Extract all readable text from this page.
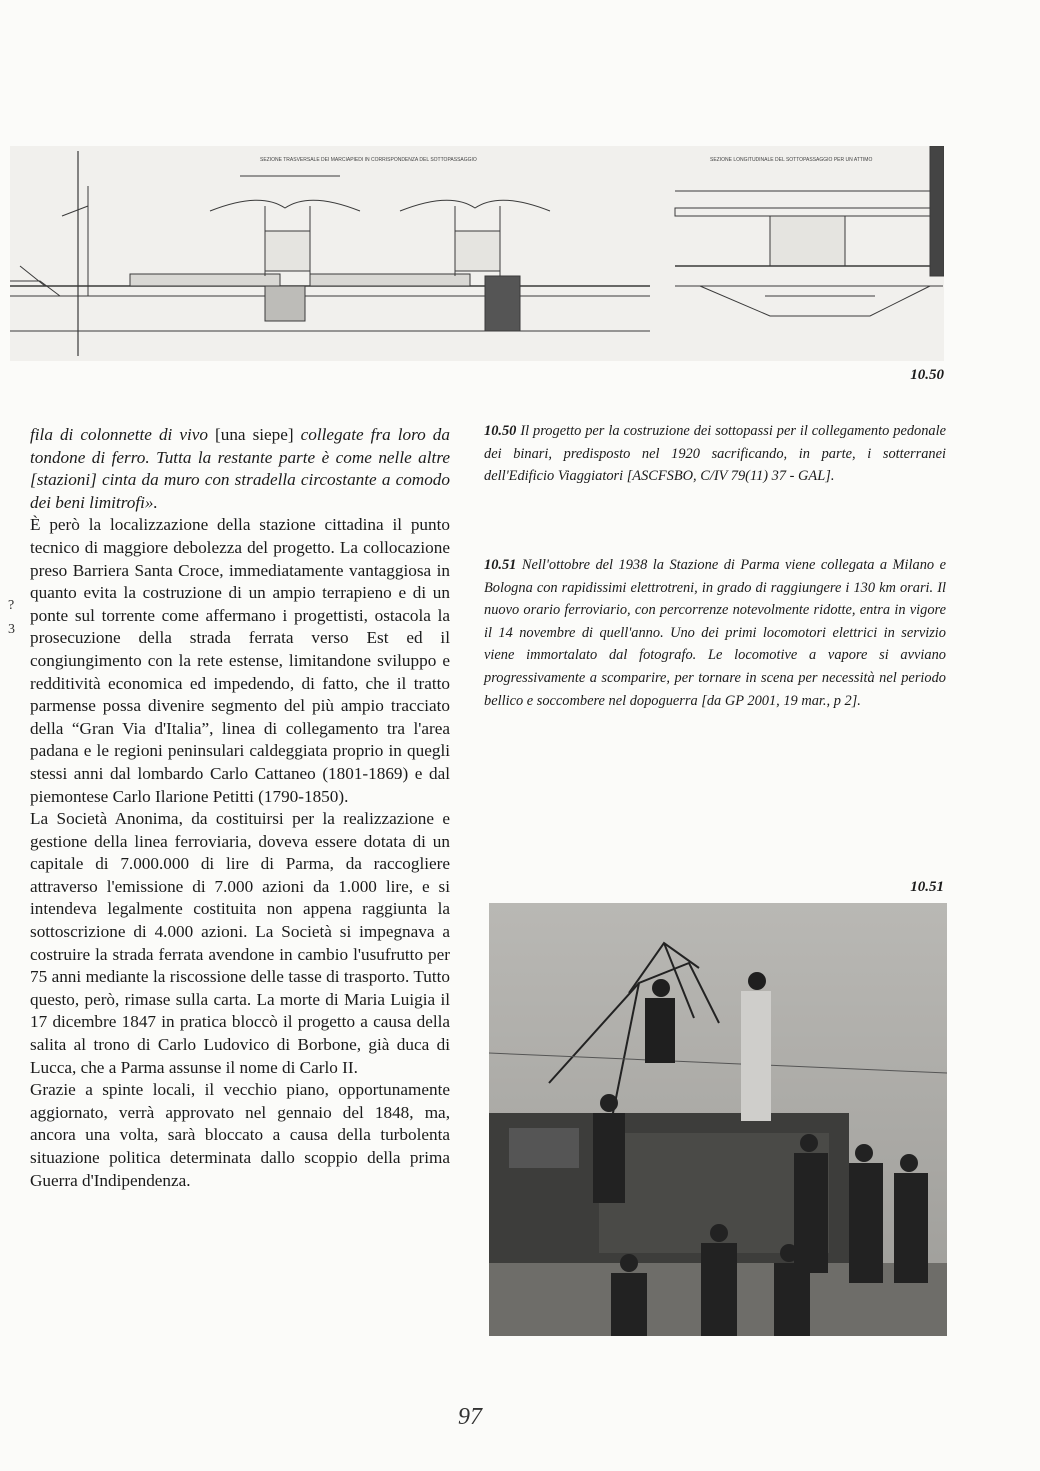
SEZIONE TRASVERSALE DEI MARCIAPIEDI IN CORRISPONDENZA DEL SOTTOPASSAGGIO	SEZIONE LONGITUDINALE DEL SOTTOPASSAGGIO PER UN ATTIMO
10.50

fila di colonnette di vivo [una siepe] collegate fra loro da tondone di ferro. Tutta la restante parte è come nelle altre [stazioni] cinta da muro con stradella circostante a comodo dei beni limitrofi».

È però la localizzazione della stazione cittadina il punto tecnico di maggiore debolezza del progetto. La collocazione preso Barriera Santa Croce, immediatamente vantaggiosa in quanto evita la costruzione di un ampio terrapieno e di un ponte sul torrente come affermano i progettisti, ostacola la prosecuzione della strada ferrata verso Est ed il congiungimento con la rete estense, limitandone sviluppo e redditività economica ed impedendo, di fatto, che il tratto parmense possa divenire segmento del più ampio tracciato della “Gran Via d'Italia”, linea di collegamento tra l'area padana e le regioni peninsulari caldeggiata proprio in quegli stessi anni dal lombardo Carlo Cattaneo (1801-1869) e dal piemontese Carlo Ilarione Petitti (1790-1850).

La Società Anonima, da costituirsi per la realizzazione e gestione della linea ferroviaria, doveva essere dotata di un capitale di 7.000.000 di lire di Parma, da raccogliere attraverso l'emissione di 7.000 azioni da 1.000 lire, e si intendeva legalmente costituita non appena raggiunta la sottoscrizione di 4.000 azioni. La Società si impegnava a costruire la strada ferrata avendone in cambio l'usufrutto per 75 anni mediante la riscossione delle tasse di trasporto. Tutto questo, però, rimase sulla carta. La morte di Maria Luigia il 17 dicembre 1847 in pratica bloccò il progetto a causa della salita al trono di Carlo Ludovico di Borbone, già duca di Lucca, che a Parma assunse il nome di Carlo II.

Grazie a spinte locali, il vecchio piano, opportunamente aggiornato, verrà approvato nel gennaio del 1848, ma, ancora una volta, sarà bloccato a causa della turbolenta situazione politica determinata dallo scoppio della prima Guerra d'Indipendenza.

?
3
10.50 Il progetto per la costruzione dei sottopassi per il collegamento pedonale dei binari, predisposto nel 1920 sacrificando, in parte, i sotterranei dell'Edificio Viaggiatori [ASCFSBO, C/IV 79(11) 37 - GAL].
10.51 Nell'ottobre del 1938 la Stazione di Parma viene collegata a Milano e Bologna con rapidissimi elettrotreni, in grado di raggiungere i 130 km orari. Il nuovo orario ferroviario, con percorrenze notevolmente ridotte, entra in vigore il 14 novembre di quell'anno. Uno dei primi locomotori elettrici in servizio viene immortalato dal fotografo. Le locomotive a vapore si avviano progressivamente a scomparire, per tornare in scena per necessità nel periodo bellico e soccombere nel dopoguerra [da GP 2001, 19 mar., p 2].
10.51
97
